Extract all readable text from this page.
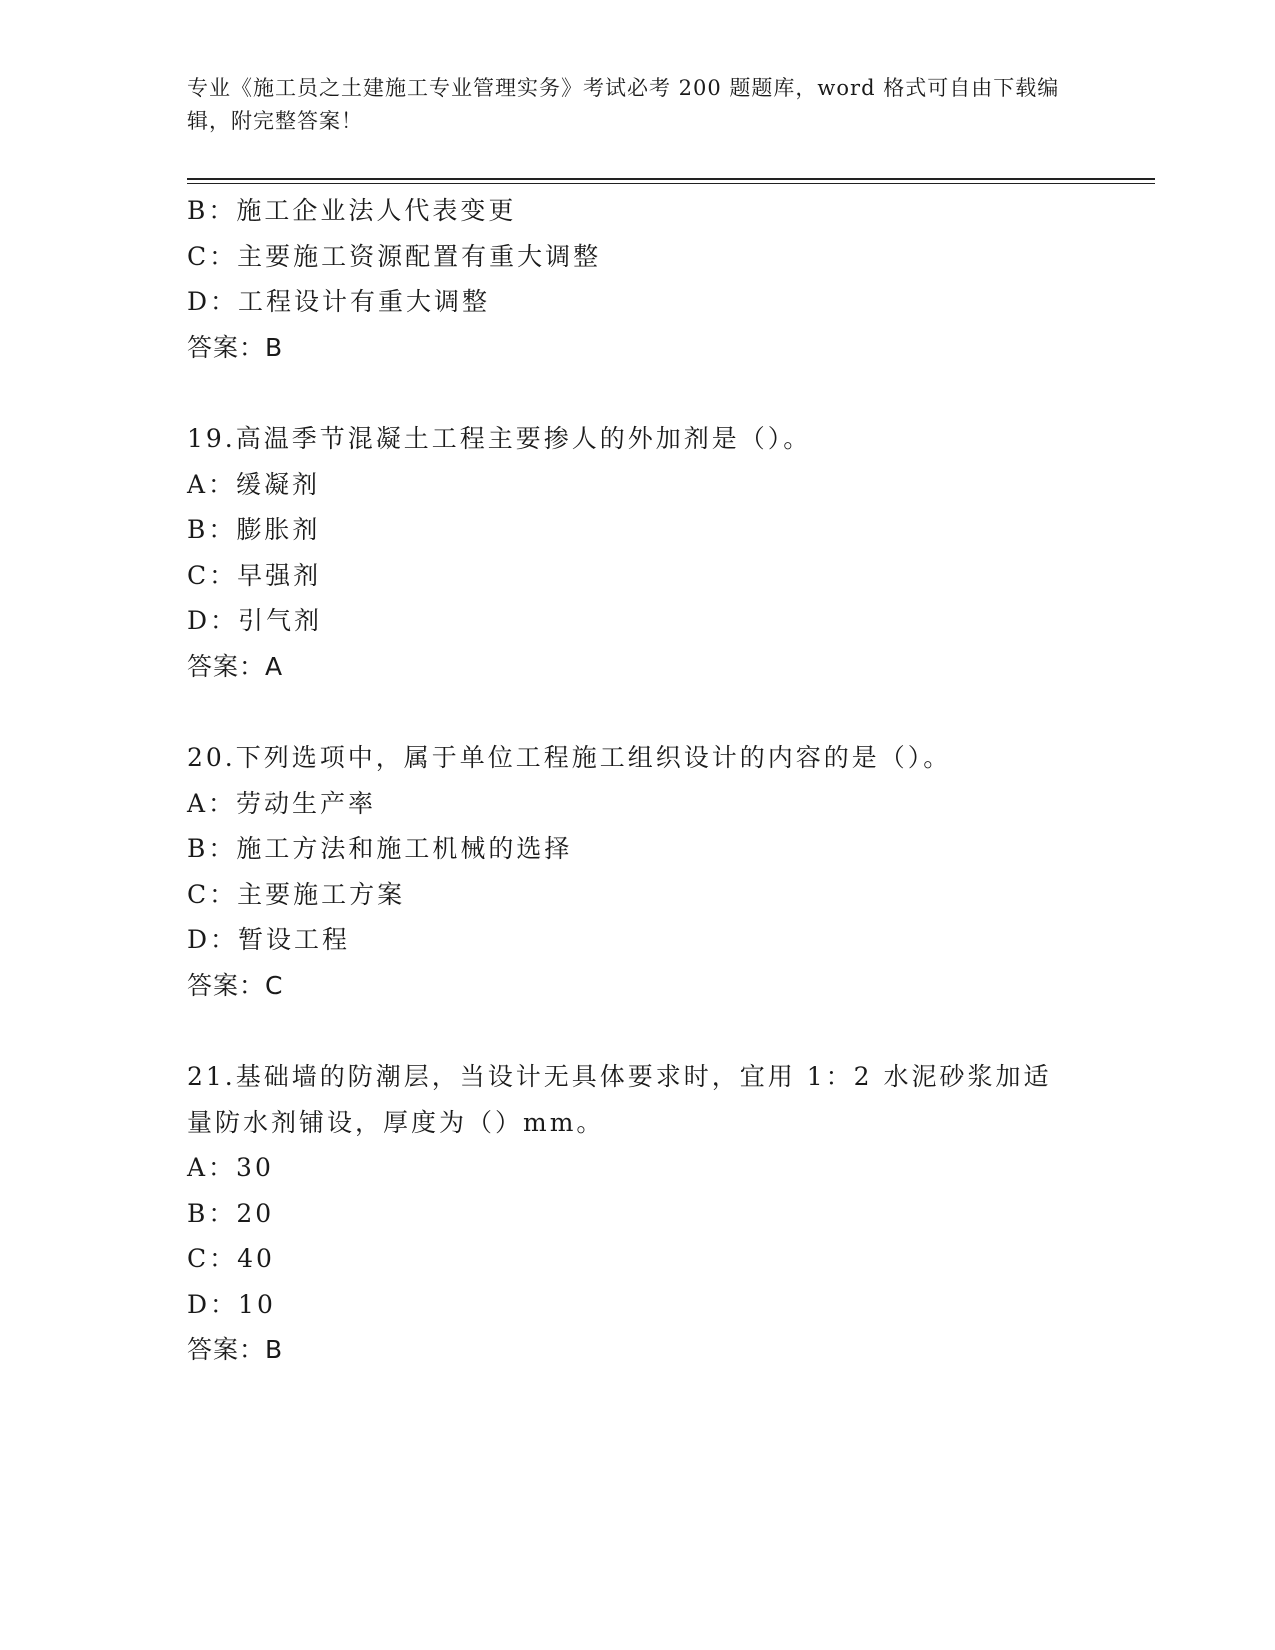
专业《施工员之土建施工专业管理实务》考试必考 200 题题库，word 格式可自由下载编辑，附完整答案！
B：施工企业法人代表变更
C：主要施工资源配置有重大调整
D：工程设计有重大调整
答案：B
19.高温季节混凝土工程主要掺人的外加剂是（）。
A：缓凝剂
B：膨胀剂
C：早强剂
D：引气剂
答案：A
20.下列选项中，属于单位工程施工组织设计的内容的是（）。
A：劳动生产率
B：施工方法和施工机械的选择
C：主要施工方案
D：暂设工程
答案：C
21.基础墙的防潮层，当设计无具体要求时，宜用 1：2 水泥砂浆加适
量防水剂铺设，厚度为（）mm。
A：30
B：20
C：40
D：10
答案：B
